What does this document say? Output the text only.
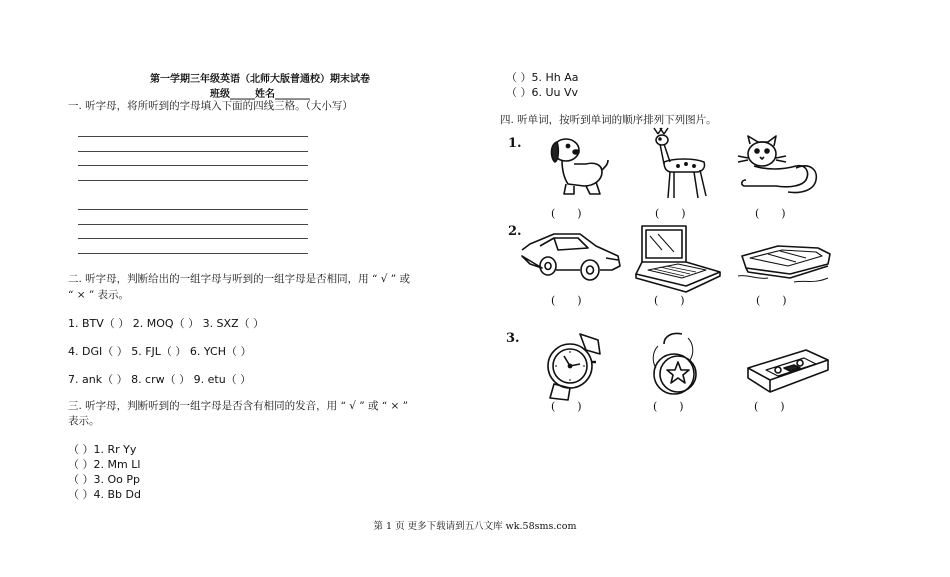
第一学期三年级英语（北师大版普通校）期末试卷
班级_____姓名_______
一. 听字母，将所听到的字母填入下面的四线三格。（大小写）
二. 听字母，判断给出的一组字母与听到的一组字母是否相同，用 “ √ ” 或
“ × ” 表示。
1. BTV（ ） 2. MOQ（ ） 3. SXZ（ ）
4. DGI（ ） 5. FJL（ ） 6. YCH（ ）
7. ank（ ） 8. crw（ ） 9. etu（ ）
三. 听字母，判断听到的一组字母是否含有相同的发音，用 “ √ ” 或 “ × ”
表示。
（ ）1. Rr Yy
（ ）2. Mm Ll
（ ）3. Oo Pp
（ ）4. Bb Dd
（ ）5. Hh Aa
（ ）6. Uu Vv
四. 听单词，按听到单词的顺序排列下列图片。
1.
2.
3.
(　　)	(　　)	(　　)
(　　)	(　　)	(　　)
(　　)	(　　)	(　　)
第 1 页 更多下载请到五八文库 wk.58sms.com
